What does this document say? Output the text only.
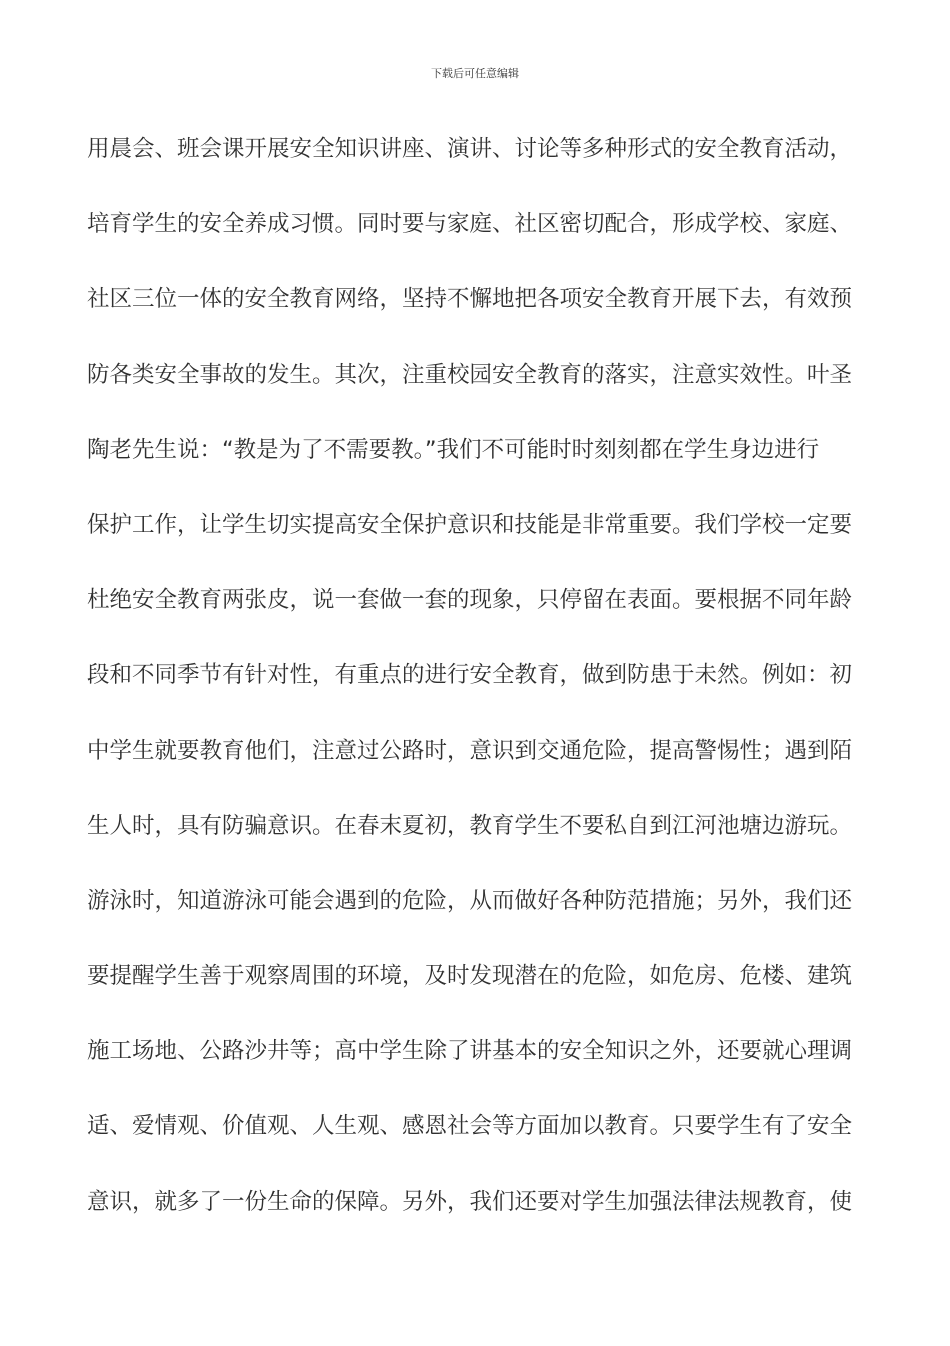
下载后可任意编辑
用晨会、班会课开展安全知识讲座、演讲、讨论等多种形式的安全教育活动，
培育学生的安全养成习惯。同时要与家庭、社区密切配合，形成学校、家庭、
社区三位一体的安全教育网络，坚持不懈地把各项安全教育开展下去，有效预
防各类安全事故的发生。其次，注重校园安全教育的落实，注意实效性。叶圣
陶老先生说：“教是为了不需要教。”我们不可能时时刻刻都在学生身边进行
保护工作，让学生切实提高安全保护意识和技能是非常重要。我们学校一定要
杜绝安全教育两张皮，说一套做一套的现象，只停留在表面。要根据不同年龄
段和不同季节有针对性，有重点的进行安全教育，做到防患于未然。例如：初
中学生就要教育他们，注意过公路时，意识到交通危险，提高警惕性；遇到陌
生人时，具有防骗意识。在春末夏初，教育学生不要私自到江河池塘边游玩。
游泳时，知道游泳可能会遇到的危险，从而做好各种防范措施；另外，我们还
要提醒学生善于观察周围的环境，及时发现潜在的危险，如危房、危楼、建筑
施工场地、公路沙井等；高中学生除了讲基本的安全知识之外，还要就心理调
适、爱情观、价值观、人生观、感恩社会等方面加以教育。只要学生有了安全
意识，就多了一份生命的保障。另外，我们还要对学生加强法律法规教育，使
